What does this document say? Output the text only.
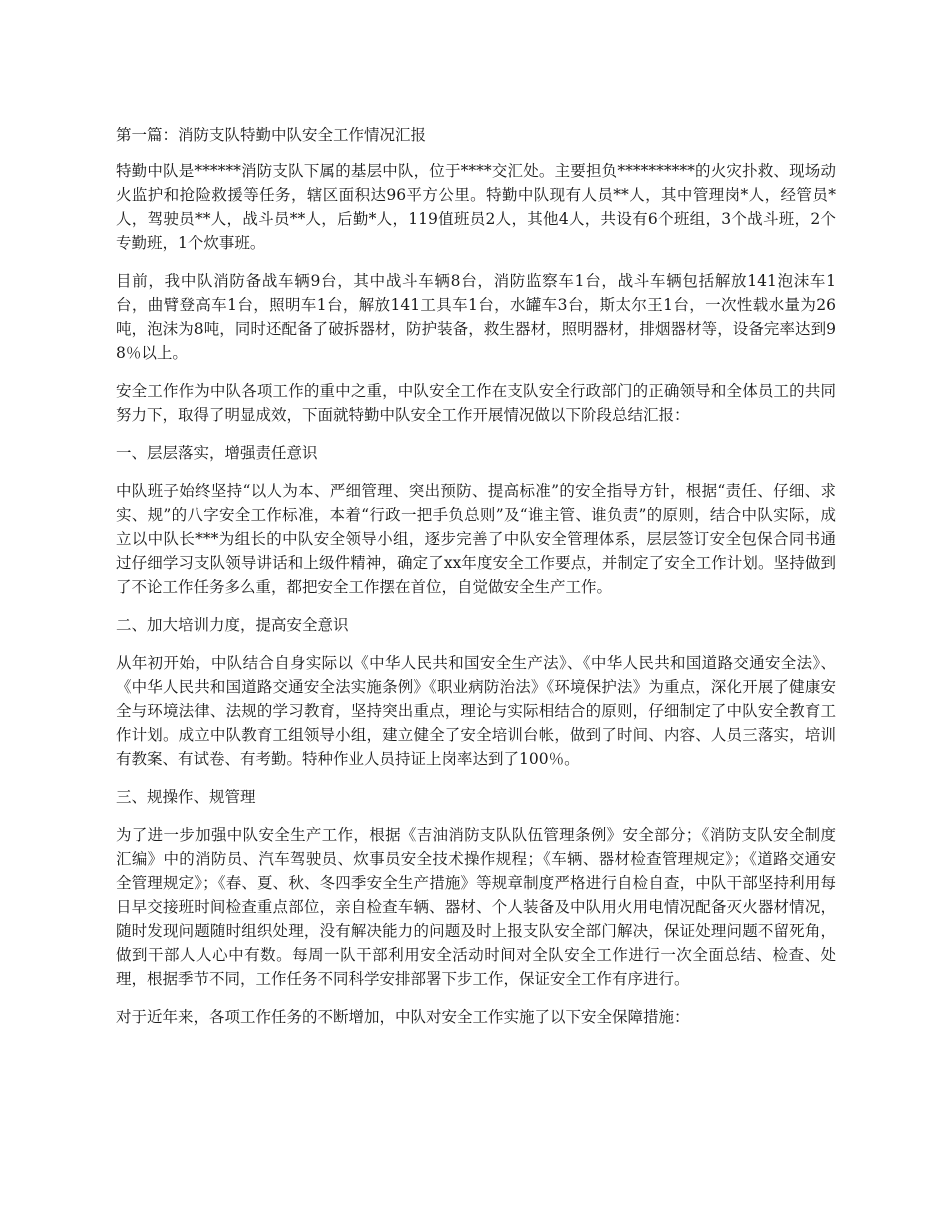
第一篇：消防支队特勤中队安全工作情况汇报
特勤中队是******消防支队下属的基层中队，位于****交汇处。主要担负**********的火灾扑救、现场动火监护和抢险救援等任务，辖区面积达96平方公里。特勤中队现有人员**人，其中管理岗*人，经管员*人，驾驶员**人，战斗员**人，后勤*人，119值班员2人，其他4人，共设有6个班组，3个战斗班，2个专勤班，1个炊事班。
目前，我中队消防备战车辆9台，其中战斗车辆8台，消防监察车1台，战斗车辆包括解放141泡沫车1台，曲臂登高车1台，照明车1台，解放141工具车1台，水罐车3台，斯太尔王1台，一次性载水量为26吨，泡沫为8吨，同时还配备了破拆器材，防护装备，救生器材，照明器材，排烟器材等，设备完率达到98％以上。
安全工作作为中队各项工作的重中之重，中队安全工作在支队安全行政部门的正确领导和全体员工的共同努力下，取得了明显成效，下面就特勤中队安全工作开展情况做以下阶段总结汇报：
一、层层落实，增强责任意识
中队班子始终坚持“以人为本、严细管理、突出预防、提高标准”的安全指导方针，根据“责任、仔细、求实、规”的八字安全工作标准，本着“行政一把手负总则”及“谁主管、谁负责”的原则，结合中队实际，成立以中队长***为组长的中队安全领导小组，逐步完善了中队安全管理体系，层层签订安全包保合同书通过仔细学习支队领导讲话和上级件精神，确定了xx年度安全工作要点，并制定了安全工作计划。坚持做到了不论工作任务多么重，都把安全工作摆在首位，自觉做安全生产工作。
二、加大培训力度，提高安全意识
从年初开始，中队结合自身实际以《中华人民共和国安全生产法》、《中华人民共和国道路交通安全法》、《中华人民共和国道路交通安全法实施条例》《职业病防治法》《环境保护法》为重点，深化开展了健康安全与环境法律、法规的学习教育，坚持突出重点，理论与实际相结合的原则，仔细制定了中队安全教育工作计划。成立中队教育工组领导小组，建立健全了安全培训台帐，做到了时间、内容、人员三落实，培训有教案、有试卷、有考勤。特种作业人员持证上岗率达到了100％。
三、规操作、规管理
为了进一步加强中队安全生产工作，根据《吉油消防支队队伍管理条例》安全部分；《消防支队安全制度汇编》中的消防员、汽车驾驶员、炊事员安全技术操作规程；《车辆、器材检查管理规定》；《道路交通安全管理规定》；《春、夏、秋、冬四季安全生产措施》等规章制度严格进行自检自查，中队干部坚持利用每日早交接班时间检查重点部位，亲自检查车辆、器材、个人装备及中队用火用电情况配备灭火器材情况，随时发现问题随时组织处理，没有解决能力的问题及时上报支队安全部门解决，保证处理问题不留死角，做到干部人人心中有数。每周一队干部利用安全活动时间对全队安全工作进行一次全面总结、检查、处理，根据季节不同，工作任务不同科学安排部署下步工作，保证安全工作有序进行。
对于近年来，各项工作任务的不断增加，中队对安全工作实施了以下安全保障措施：
